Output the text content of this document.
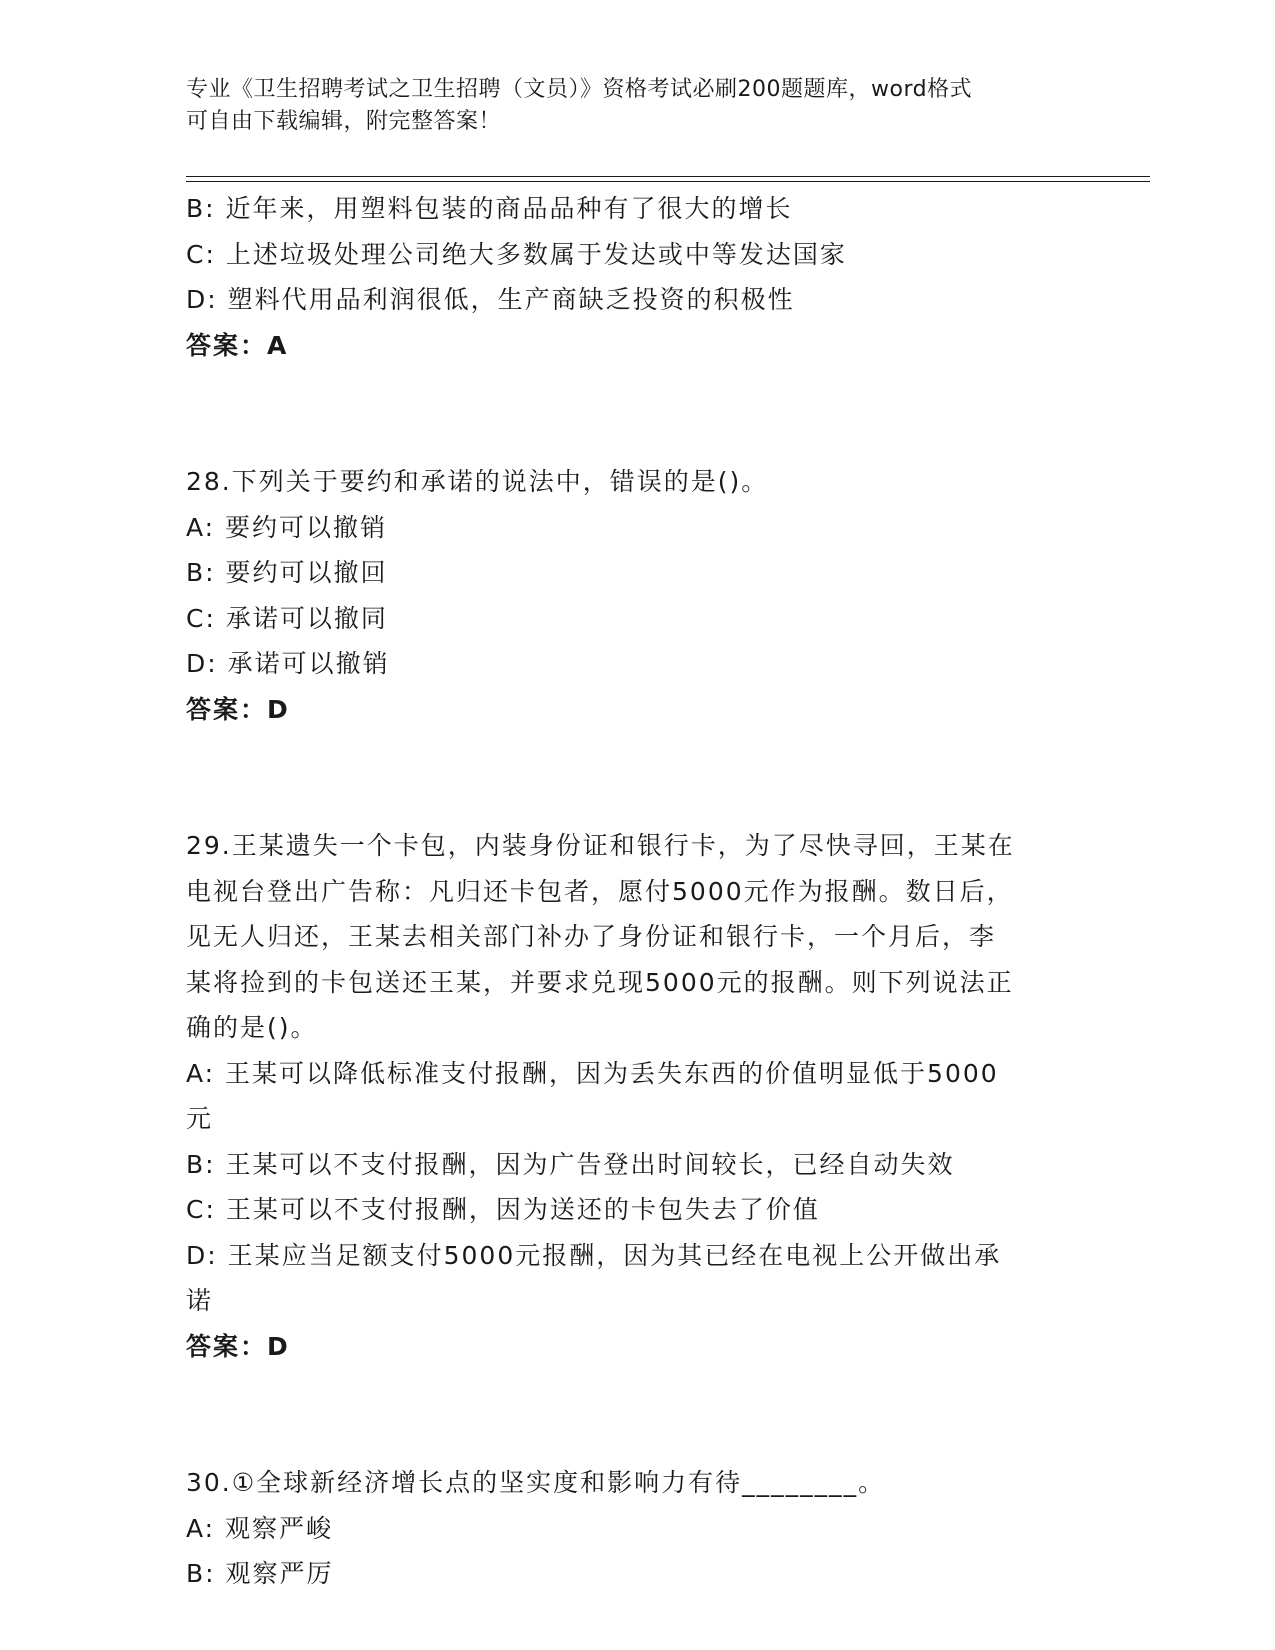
专业《卫生招聘考试之卫生招聘（文员）》资格考试必刷200题题库，word格式
可自由下载编辑，附完整答案！

B: 近年来，用塑料包装的商品品种有了很大的增长

C: 上述垃圾处理公司绝大多数属于发达或中等发达国家

D: 塑料代用品利润很低，生产商缺乏投资的积极性

答案：A

28.下列关于要约和承诺的说法中，错误的是()。

A: 要约可以撤销

B: 要约可以撤回

C: 承诺可以撤同

D: 承诺可以撤销

答案：D

29.王某遗失一个卡包，内装身份证和银行卡，为了尽快寻回，王某在

电视台登出广告称：凡归还卡包者，愿付5000元作为报酬。数日后，

见无人归还，王某去相关部门补办了身份证和银行卡，一个月后，李

某将捡到的卡包送还王某，并要求兑现5000元的报酬。则下列说法正

确的是()。

A: 王某可以降低标准支付报酬，因为丢失东西的价值明显低于5000

元

B: 王某可以不支付报酬，因为广告登出时间较长，已经自动失效

C: 王某可以不支付报酬，因为送还的卡包失去了价值

D: 王某应当足额支付5000元报酬，因为其已经在电视上公开做出承

诺

答案：D

30.①全球新经济增长点的坚实度和影响力有待________。

A: 观察严峻

B: 观察严厉
